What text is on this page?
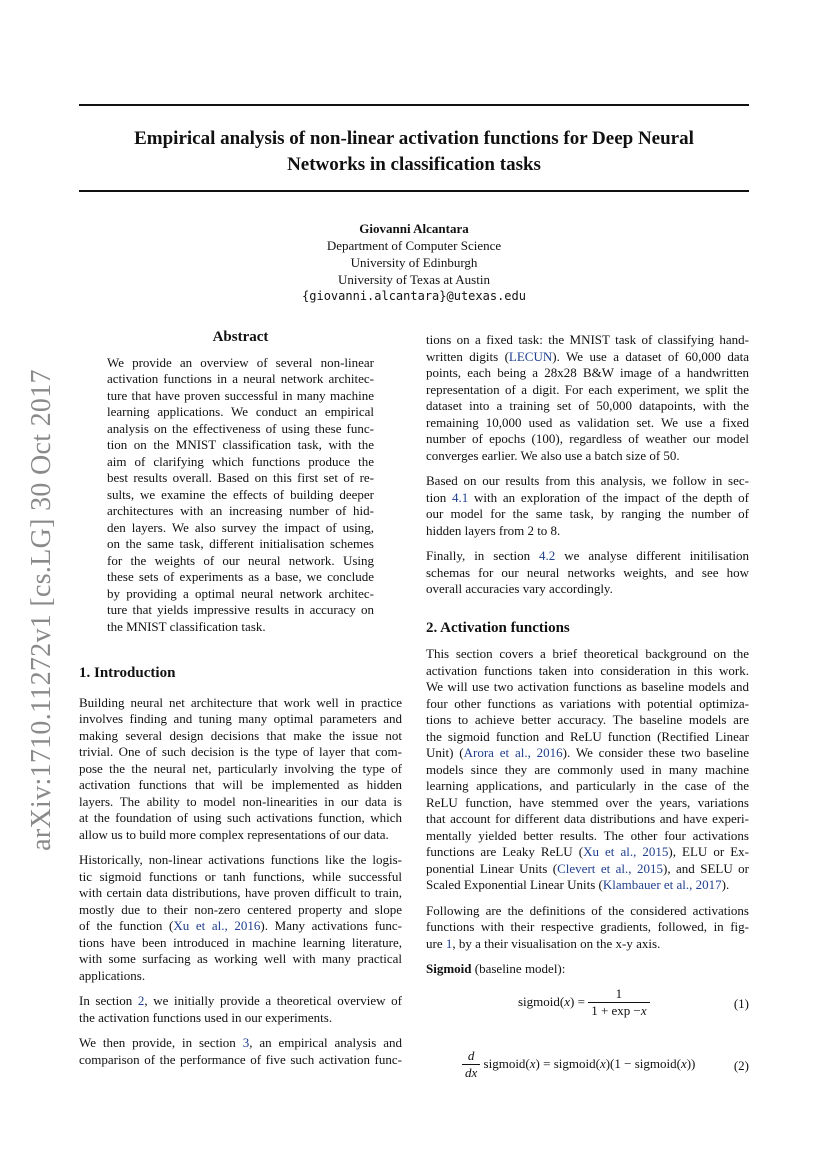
Empirical analysis of non-linear activation functions for Deep Neural
Networks in classification tasks
Giovanni Alcantara
Department of Computer Science
University of Edinburgh
University of Texas at Austin
{giovanni.alcantara}@utexas.edu
arXiv:1710.11272v1 [cs.LG] 30 Oct 2017
Abstract
We provide an overview of several non-linear
activation functions in a neural network architec-
ture that have proven successful in many machine
learning applications. We conduct an empirical
analysis on the effectiveness of using these func-
tion on the MNIST classification task, with the
aim of clarifying which functions produce the
best results overall. Based on this first set of re-
sults, we examine the effects of building deeper
architectures with an increasing number of hid-
den layers. We also survey the impact of using,
on the same task, different initialisation schemes
for the weights of our neural network. Using
these sets of experiments as a base, we conclude
by providing a optimal neural network architec-
ture that yields impressive results in accuracy on
the MNIST classification task.
1. Introduction
Building neural net architecture that work well in practice
involves finding and tuning many optimal parameters and
making several design decisions that make the issue not
trivial. One of such decision is the type of layer that com-
pose the the neural net, particularly involving the type of
activation functions that will be implemented as hidden
layers. The ability to model non-linearities in our data is
at the foundation of using such activations function, which
allow us to build more complex representations of our data.
Historically, non-linear activations functions like the logis-
tic sigmoid functions or tanh functions, while successful
with certain data distributions, have proven difficult to train,
mostly due to their non-zero centered property and slope
of the function (Xu et al., 2016). Many activations func-
tions have been introduced in machine learning literature,
with some surfacing as working well with many practical
applications.
In section 2, we initially provide a theoretical overview of
the activation functions used in our experiments.
We then provide, in section 3, an empirical analysis and
comparison of the performance of five such activation func-
tions on a fixed task: the MNIST task of classifying hand-
written digits (LECUN). We use a dataset of 60,000 data
points, each being a 28x28 B&W image of a handwritten
representation of a digit. For each experiment, we split the
dataset into a training set of 50,000 datapoints, with the
remaining 10,000 used as validation set. We use a fixed
number of epochs (100), regardless of weather our model
converges earlier. We also use a batch size of 50.
Based on our results from this analysis, we follow in sec-
tion 4.1 with an exploration of the impact of the depth of
our model for the same task, by ranging the number of
hidden layers from 2 to 8.
Finally, in section 4.2 we analyse different initilisation
schemas for our neural networks weights, and see how
overall accuracies vary accordingly.
2. Activation functions
This section covers a brief theoretical background on the
activation functions taken into consideration in this work.
We will use two activation functions as baseline models and
four other functions as variations with potential optimiza-
tions to achieve better accuracy. The baseline models are
the sigmoid function and ReLU function (Rectified Linear
Unit) (Arora et al., 2016). We consider these two baseline
models since they are commonly used in many machine
learning applications, and particularly in the case of the
ReLU function, have stemmed over the years, variations
that account for different data distributions and have experi-
mentally yielded better results. The other four activations
functions are Leaky ReLU (Xu et al., 2015), ELU or Ex-
ponential Linear Units (Clevert et al., 2015), and SELU or
Scaled Exponential Linear Units (Klambauer et al., 2017).
Following are the definitions of the considered activations
functions with their respective gradients, followed, in fig-
ure 1, by a their visualisation on the x-y axis.

Sigmoid (baseline model):

sigmoid(x) = $\frac{1}{1 + \exp -x}$	(1)
$\frac{d}{dx}$ sigmoid(x) = sigmoid(x)(1 − sigmoid(x))	(2)
